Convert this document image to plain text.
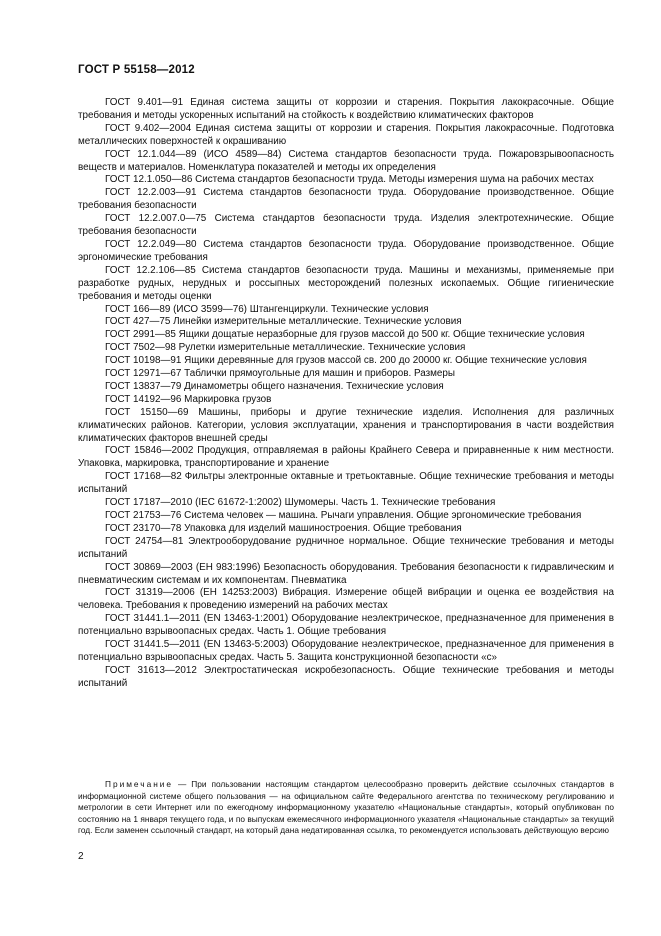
ГОСТ Р 55158—2012

ГОСТ 9.401—91 Единая система защиты от коррозии и старения. Покрытия лакокрасочные. Общие требования и методы ускоренных испытаний на стойкость к воздействию климатических факторов

ГОСТ 9.402—2004 Единая система защиты от коррозии и старения. Покрытия лакокрасочные. Подготовка металлических поверхностей к окрашиванию

ГОСТ 12.1.044—89 (ИСО 4589—84) Система стандартов безопасности труда. Пожаровзрывоопасность веществ и материалов. Номенклатура показателей и методы их определения

ГОСТ 12.1.050—86 Система стандартов безопасности труда. Методы измерения шума на рабочих местах

ГОСТ 12.2.003—91 Система стандартов безопасности труда. Оборудование производственное. Общие требования безопасности

ГОСТ 12.2.007.0—75 Система стандартов безопасности труда. Изделия электротехнические. Общие требования безопасности

ГОСТ 12.2.049—80 Система стандартов безопасности труда. Оборудование производственное. Общие эргономические требования

ГОСТ 12.2.106—85 Система стандартов безопасности труда. Машины и механизмы, применяемые при разработке рудных, нерудных и россыпных месторождений полезных ископаемых. Общие гигиенические требования и методы оценки

ГОСТ 166—89 (ИСО 3599—76) Штангенциркули. Технические условия

ГОСТ 427—75 Линейки измерительные металлические. Технические условия

ГОСТ 2991—85 Ящики дощатые неразборные для грузов массой до 500 кг. Общие технические условия

ГОСТ 7502—98 Рулетки измерительные металлические. Технические условия

ГОСТ 10198—91 Ящики деревянные для грузов массой св. 200 до 20000 кг. Общие технические условия

ГОСТ 12971—67 Таблички прямоугольные для машин и приборов. Размеры

ГОСТ 13837—79 Динамометры общего назначения. Технические условия

ГОСТ 14192—96 Маркировка грузов

ГОСТ 15150—69 Машины, приборы и другие технические изделия. Исполнения для различных климатических районов. Категории, условия эксплуатации, хранения и транспортирования в части воздействия климатических факторов внешней среды

ГОСТ 15846—2002 Продукция, отправляемая в районы Крайнего Севера и приравненные к ним местности. Упаковка, маркировка, транспортирование и хранение

ГОСТ 17168—82 Фильтры электронные октавные и третьоктавные. Общие технические требования и методы испытаний

ГОСТ 17187—2010 (IEC 61672-1:2002) Шумомеры. Часть 1. Технические требования

ГОСТ 21753—76 Система человек — машина. Рычаги управления. Общие эргономические требования

ГОСТ 23170—78 Упаковка для изделий машиностроения. Общие требования

ГОСТ 24754—81 Электрооборудование рудничное нормальное. Общие технические требования и методы испытаний

ГОСТ 30869—2003 (ЕН 983:1996) Безопасность оборудования. Требования безопасности к гидравлическим и пневматическим системам и их компонентам. Пневматика

ГОСТ 31319—2006 (ЕН 14253:2003) Вибрация. Измерение общей вибрации и оценка ее воздействия на человека. Требования к проведению измерений на рабочих местах

ГОСТ 31441.1—2011 (EN 13463-1:2001) Оборудование неэлектрическое, предназначенное для применения в потенциально взрывоопасных средах. Часть 1. Общие требования

ГОСТ 31441.5—2011 (EN 13463-5:2003) Оборудование неэлектрическое, предназначенное для применения в потенциально взрывоопасных средах. Часть 5. Защита конструкционной безопасности «c»

ГОСТ 31613—2012 Электростатическая искробезопасность. Общие технические требования и методы испытаний

Примечание — При пользовании настоящим стандартом целесообразно проверить действие ссылочных стандартов в информационной системе общего пользования — на официальном сайте Федерального агентства по техническому регулированию и метрологии в сети Интернет или по ежегодному информационному указателю «Национальные стандарты», который опубликован по состоянию на 1 января текущего года, и по выпускам ежемесячного информационного указателя «Национальные стандарты» за текущий год. Если заменен ссылочный стандарт, на который дана недатированная ссылка, то рекомендуется использовать действующую версию

2
